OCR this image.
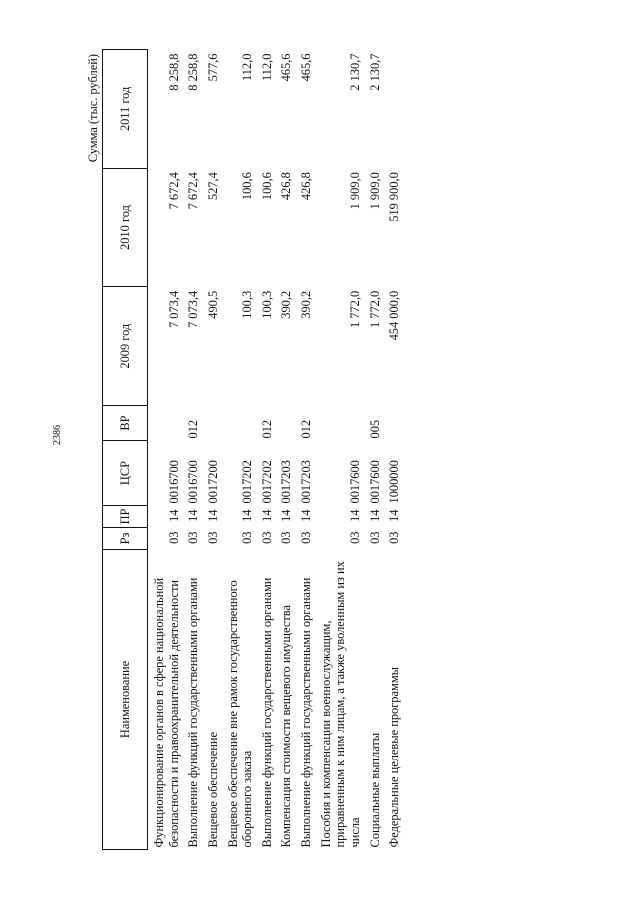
2386
Сумма (тыс. рублей)
Наименование	Рз	ПР	ЦСР	ВР	2009 год	2010 год	2011 год
Функционирование органов в сфере национальной безопасности и правоохранительной деятельности	03	14	0016700		7 073,4	7 672,4	8 258,8
Выполнение функций государственными органами	03	14	0016700	012	7 073,4	7 672,4	8 258,8
Вещевое обеспечение	03	14	0017200		490,5	527,4	577,6
Вещевое обеспечение вне рамок государственного оборонного заказа	03	14	0017202		100,3	100,6	112,0
Выполнение функций государственными органами	03	14	0017202	012	100,3	100,6	112,0
Компенсация стоимости вещевого имущества	03	14	0017203		390,2	426,8	465,6
Выполнение функций государственными органами	03	14	0017203	012	390,2	426,8	465,6
Пособия и компенсации военнослужащим, приравненным к ним лицам, а также уволенным из их числа	03	14	0017600		1 772,0	1 909,0	2 130,7
Социальные выплаты	03	14	0017600	005	1 772,0	1 909,0	2 130,7
Федеральные целевые программы	03	14	1000000		454 000,0	519 900,0	
